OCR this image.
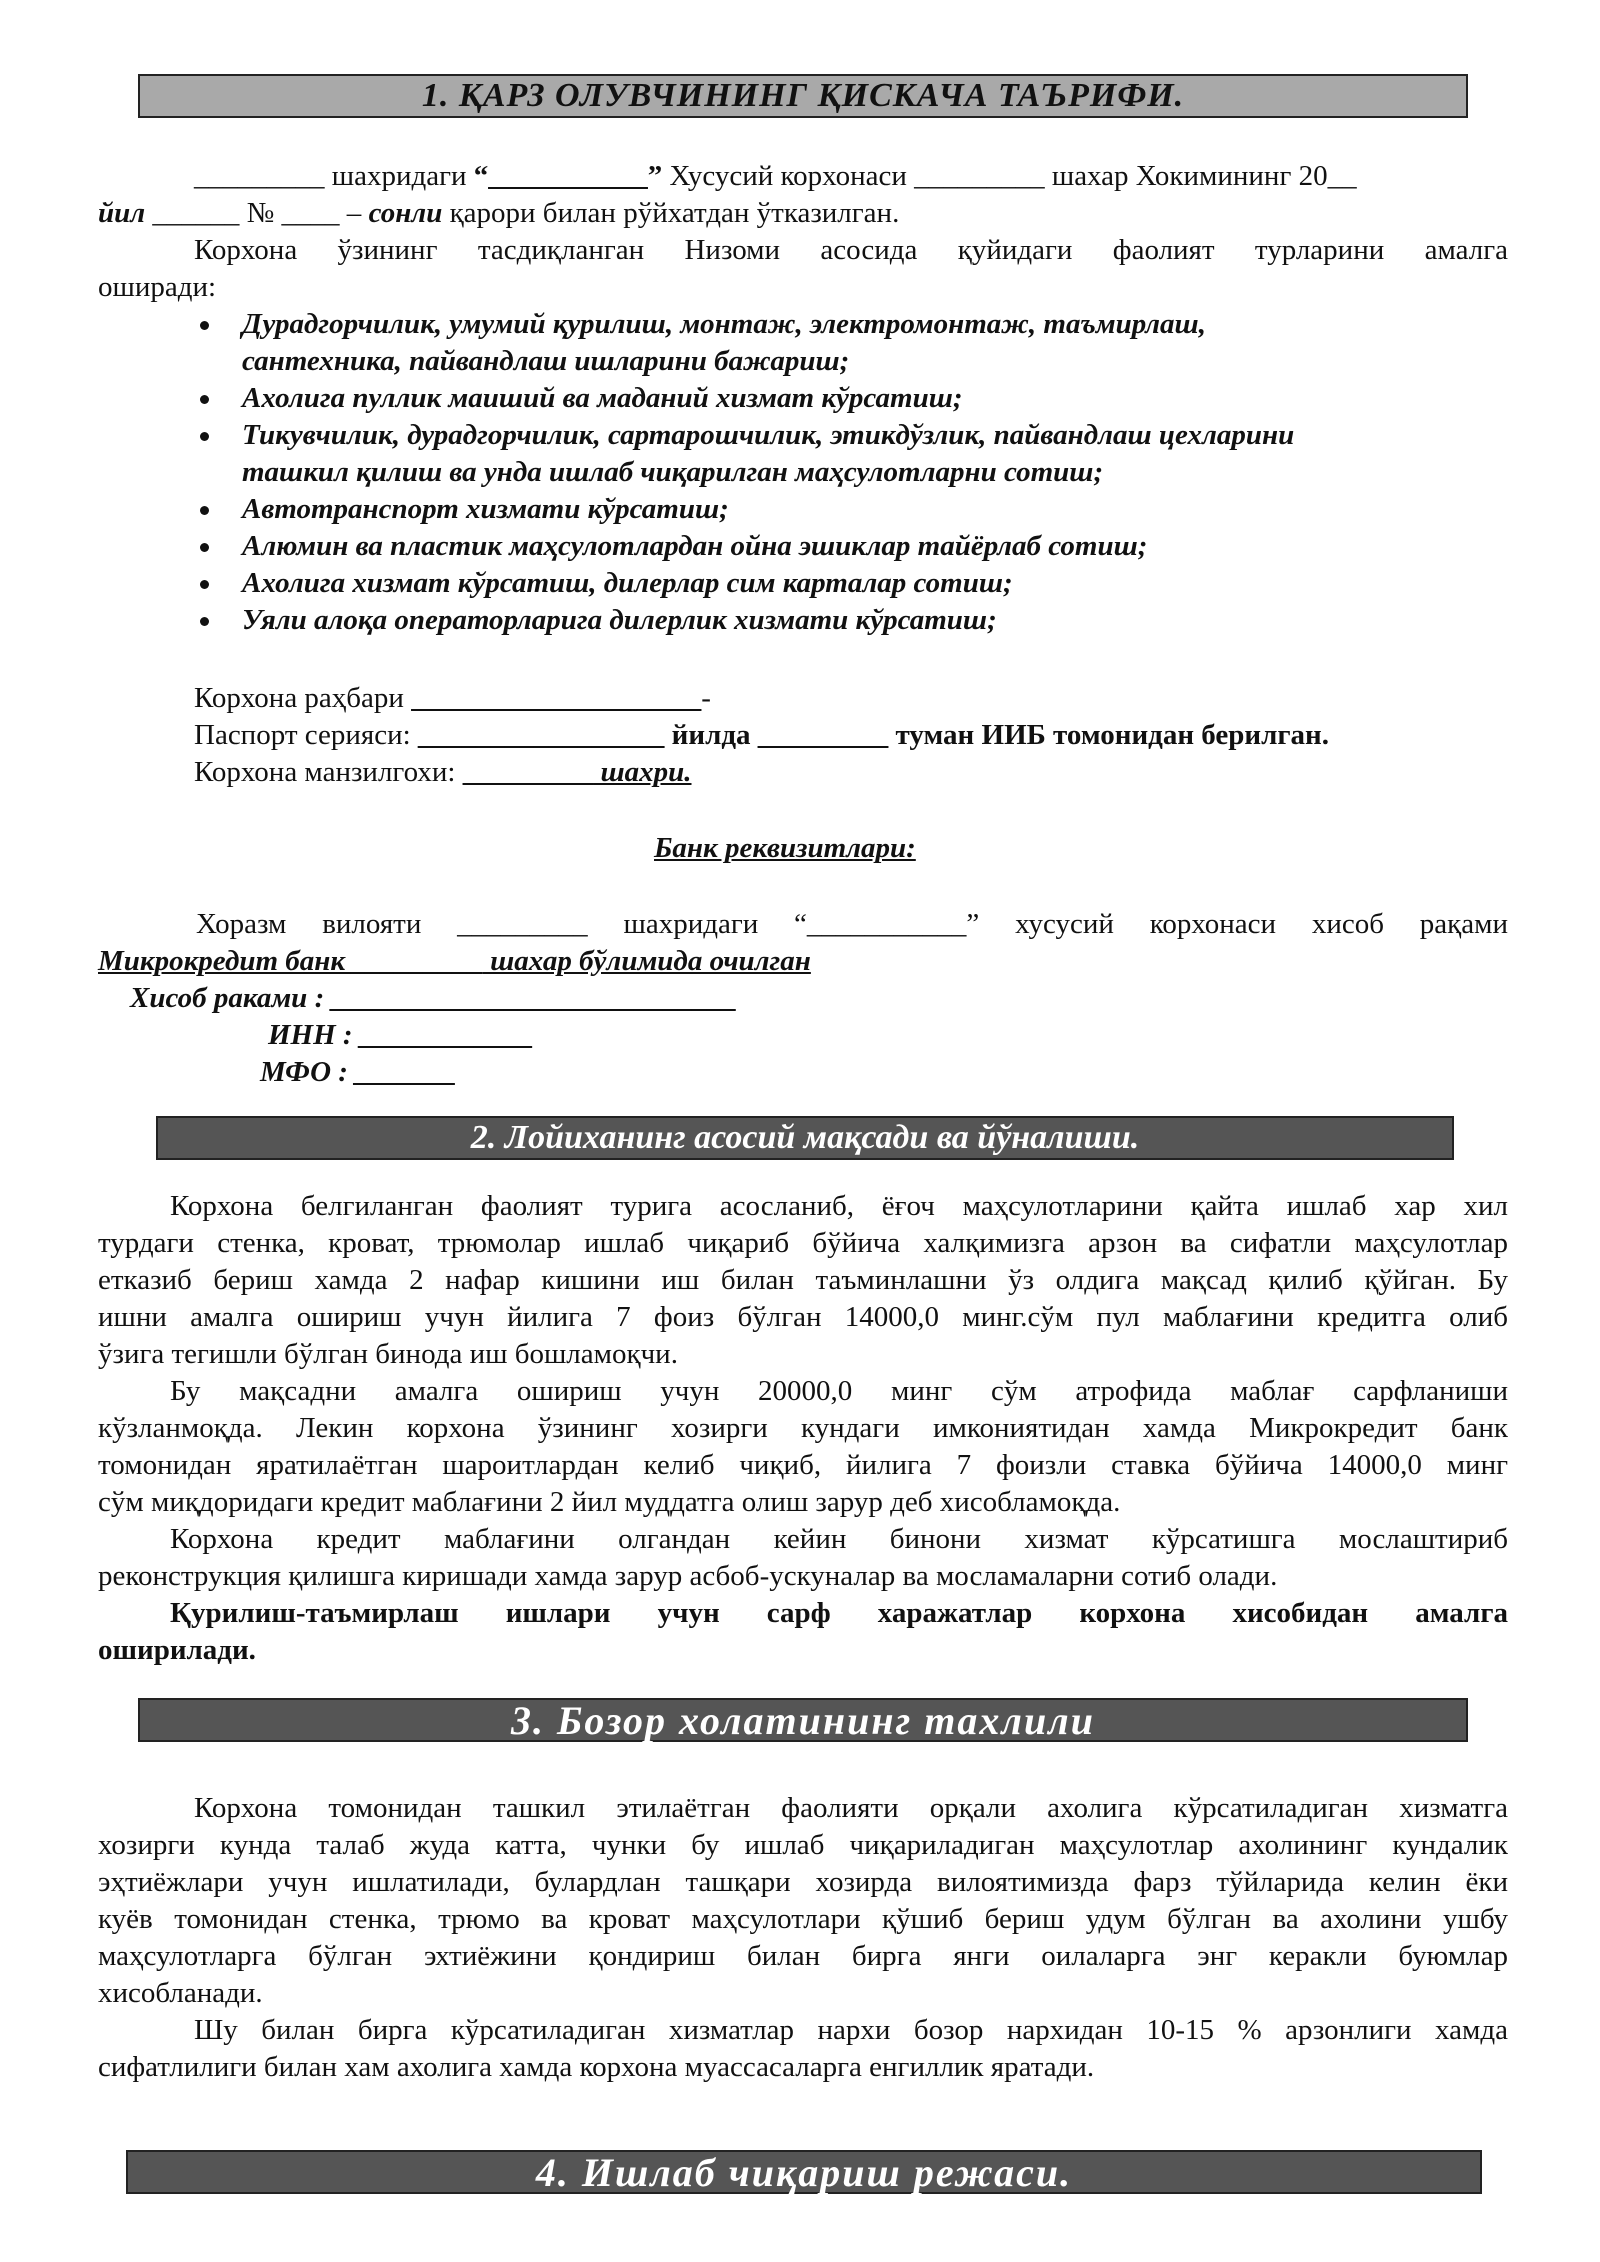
1. ҚАРЗ ОЛУВЧИНИНГ ҚИСКАЧА ТАЪРИФИ.
_________ шахридаги “___________” Хусусий корхонаси _________ шахар Хокимининг 20__
йил ______ № ____ – сонли қарори билан рўйхатдан ўтказилган.
Корхона ўзининг тасдиқланган Низоми асосида қуйидаги фаолият турларини амалга
оширади:
Дурадгорчилик, умумий қурилиш, монтаж, электромонтаж, таъмирлаш,
сантехника, пайвандлаш ишларини бажариш;
Ахолига пуллик маиший ва маданий хизмат кўрсатиш;
Тикувчилик, дурадгорчилик, сартарошчилик, этикдўзлик, пайвандлаш цехларини
ташкил қилиш ва унда ишлаб чиқарилган маҳсулотларни сотиш;
Автотранспорт хизмати кўрсатиш;
Алюмин ва пластик маҳсулотлардан ойна эшиклар тайёрлаб сотиш;
Ахолига хизмат кўрсатиш, дилерлар сим карталар сотиш;
Уяли алоқа операторларига дилерлик хизмати кўрсатиш;
Корхона раҳбари ____________________-
Паспорт серияси: _________________ йилда _________ туман ИИБ томонидан берилган.
Корхона манзилгохи: _________ шахри.
Банк реквизитлари:
Хоразм вилояти _________ шахридаги “___________” хусусий корхонаси хисоб рақами
Микрокредит банк _________ шахар бўлимида очилган
Хисоб раками : ____________________________
ИНН : ____________
МФО : _______
2. Лойиханинг асосий мақсади ва йўналиши.
Корхона белгиланган фаолият турига асосланиб, ёғоч маҳсулотларини қайта ишлаб хар хил
турдаги стенка, кроват, трюмолар ишлаб чиқариб бўйича халқимизга арзон ва сифатли маҳсулотлар
етказиб бериш хамда 2 нафар кишини иш билан таъминлашни ўз олдига мақсад қилиб қўйган. Бу
ишни амалга ошириш учун йилига 7 фоиз бўлган 14000,0 минг.сўм пул маблағини кредитга олиб
ўзига тегишли бўлган бинода иш бошламоқчи.
Бу мақсадни амалга ошириш учун 20000,0 минг сўм атрофида маблағ сарфланиши
кўзланмоқда. Лекин корхона ўзининг хозирги кундаги имкониятидан хамда Микрокредит банк
томонидан яратилаётган шароитлардан келиб чиқиб, йилига 7 фоизли ставка бўйича 14000,0 минг
сўм миқдоридаги кредит маблағини 2 йил муддатга олиш зарур деб хисобламоқда.
Корхона кредит маблағини олгандан кейин бинони хизмат кўрсатишга мослаштириб
реконструкция қилишга киришади хамда зарур асбоб-ускуналар ва мосламаларни сотиб олади.
Қурилиш-таъмирлаш ишлари учун сарф харажатлар корхона хисобидан амалга
оширилади.
3. Бозор холатининг тахлили
Корхона томонидан ташкил этилаётган фаолияти орқали ахолига кўрсатиладиган хизматга
хозирги кунда талаб жуда катта, чунки бу ишлаб чиқариладиган маҳсулотлар ахолининг кундалик
эҳтиёжлари учун ишлатилади, булардлан ташқари хозирда вилоятимизда фарз тўйларида келин ёки
куёв томонидан стенка, трюмо ва кроват маҳсулотлари қўшиб бериш удум бўлган ва ахолини ушбу
маҳсулотларга бўлган эхтиёжини қондириш билан бирга янги оилаларга энг керакли буюмлар
хисобланади.
Шу билан бирга кўрсатиладиган хизматлар нархи бозор нархидан 10-15 % арзонлиги хамда
сифатлилиги билан хам ахолига хамда корхона муассасаларга енгиллик яратади.
4. Ишлаб чиқариш режаси.
